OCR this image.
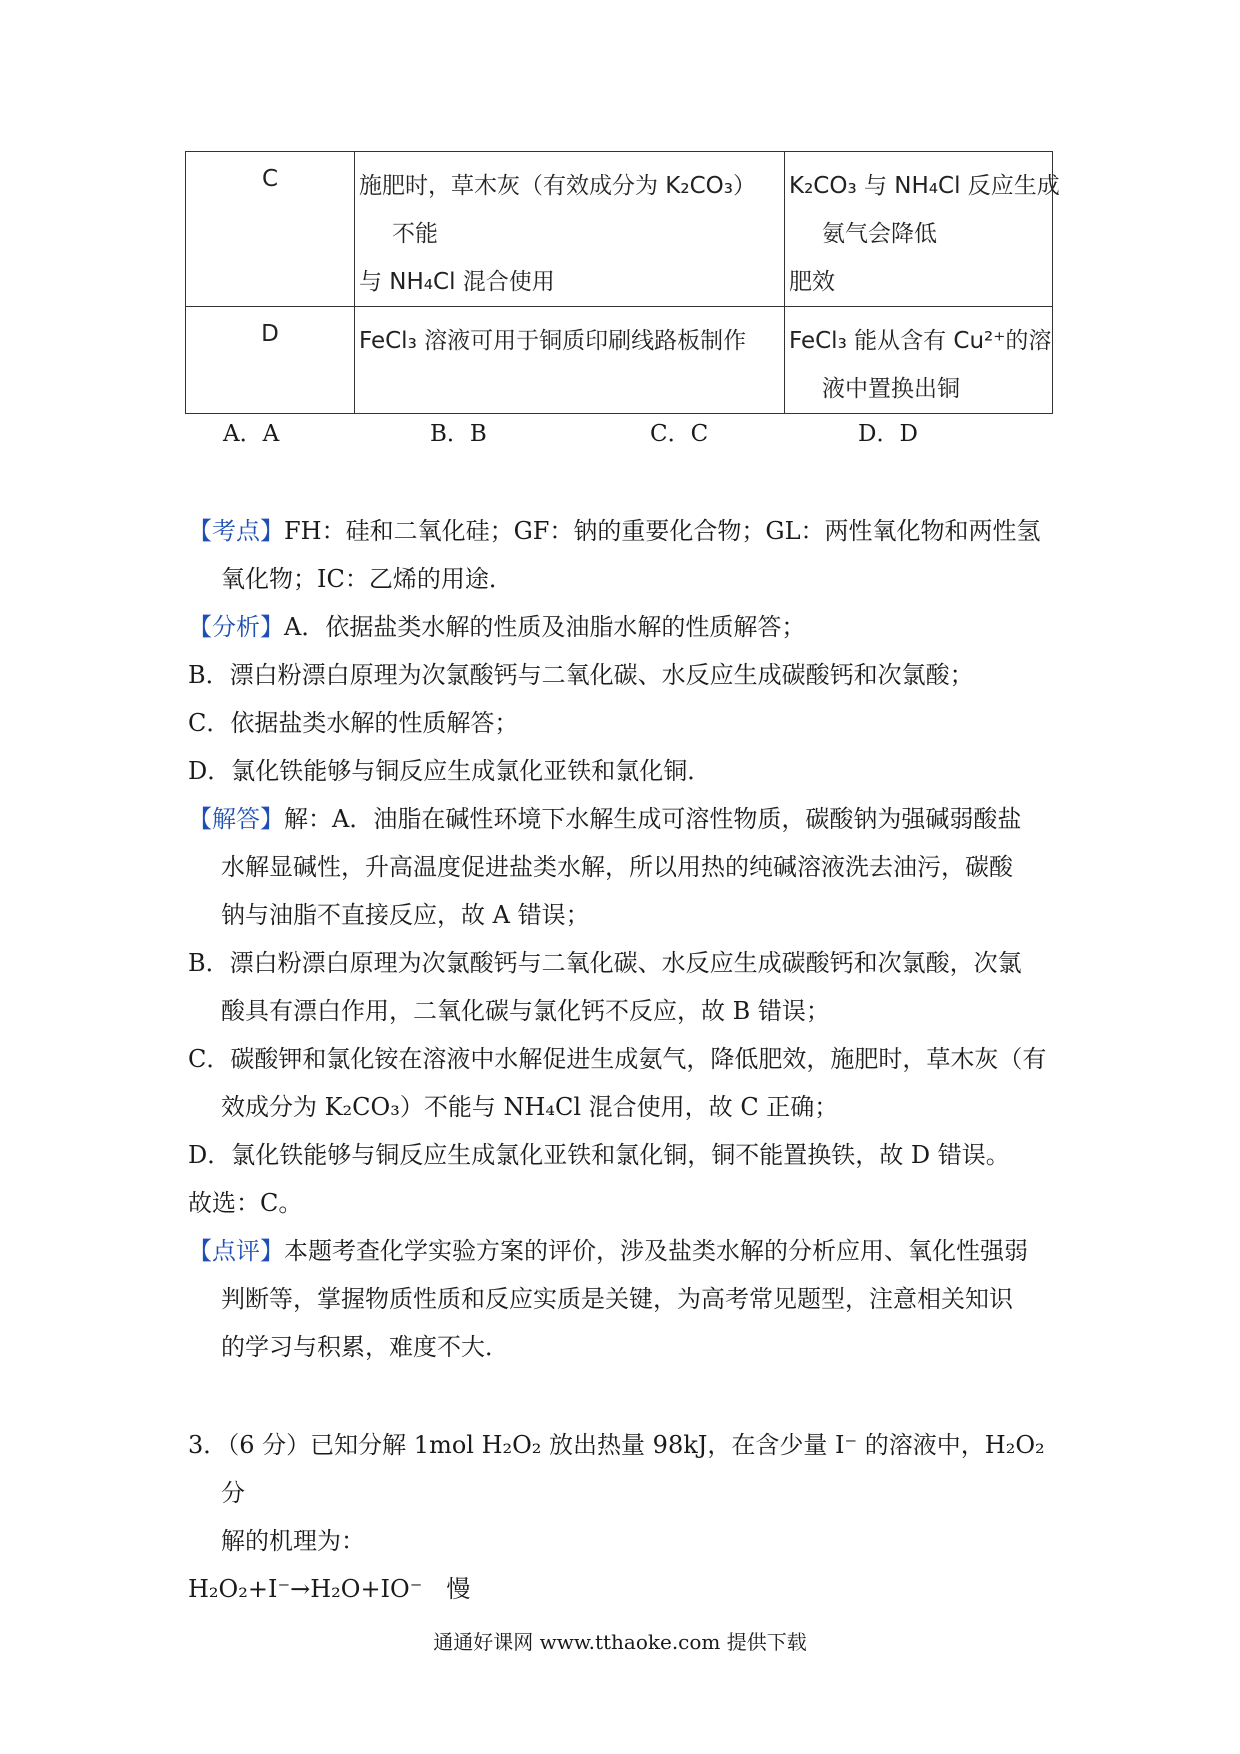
C	施肥时，草木灰（有效成分为 K₂CO₃）
不能
与 NH₄Cl 混合使用	K₂CO₃ 与 NH₄Cl 反应生成
氨气会降低
肥效

D	FeCl₃ 溶液可用于铜质印刷线路板制作	FeCl₃ 能从含有 Cu²⁺的溶
液中置换出铜
A．A	B．B	C．C	D．D

【考点】FH：硅和二氧化硅；GF：钠的重要化合物；GL：两性氧化物和两性氢
氧化物；IC：乙烯的用途．

【分析】A．依据盐类水解的性质及油脂水解的性质解答；

B．漂白粉漂白原理为次氯酸钙与二氧化碳、水反应生成碳酸钙和次氯酸；

C．依据盐类水解的性质解答；

D．氯化铁能够与铜反应生成氯化亚铁和氯化铜．

【解答】解：A．油脂在碱性环境下水解生成可溶性物质，碳酸钠为强碱弱酸盐
水解显碱性，升高温度促进盐类水解，所以用热的纯碱溶液洗去油污，碳酸
钠与油脂不直接反应，故 A 错误；

B．漂白粉漂白原理为次氯酸钙与二氧化碳、水反应生成碳酸钙和次氯酸，次氯
酸具有漂白作用，二氧化碳与氯化钙不反应，故 B 错误；

C．碳酸钾和氯化铵在溶液中水解促进生成氨气，降低肥效，施肥时，草木灰（有
效成分为 K₂CO₃）不能与 NH₄Cl 混合使用，故 C 正确；

D．氯化铁能够与铜反应生成氯化亚铁和氯化铜，铜不能置换铁，故 D 错误。

故选：C。

【点评】本题考查化学实验方案的评价，涉及盐类水解的分析应用、氧化性强弱
判断等，掌握物质性质和反应实质是关键，为高考常见题型，注意相关知识
的学习与积累，难度不大．

3．（6 分）已知分解 1mol H₂O₂ 放出热量 98kJ，在含少量 I⁻ 的溶液中，H₂O₂ 分
解的机理为：

H₂O₂+I⁻→H₂O+IO⁻　慢

通通好课网 www.tthaoke.com 提供下载
